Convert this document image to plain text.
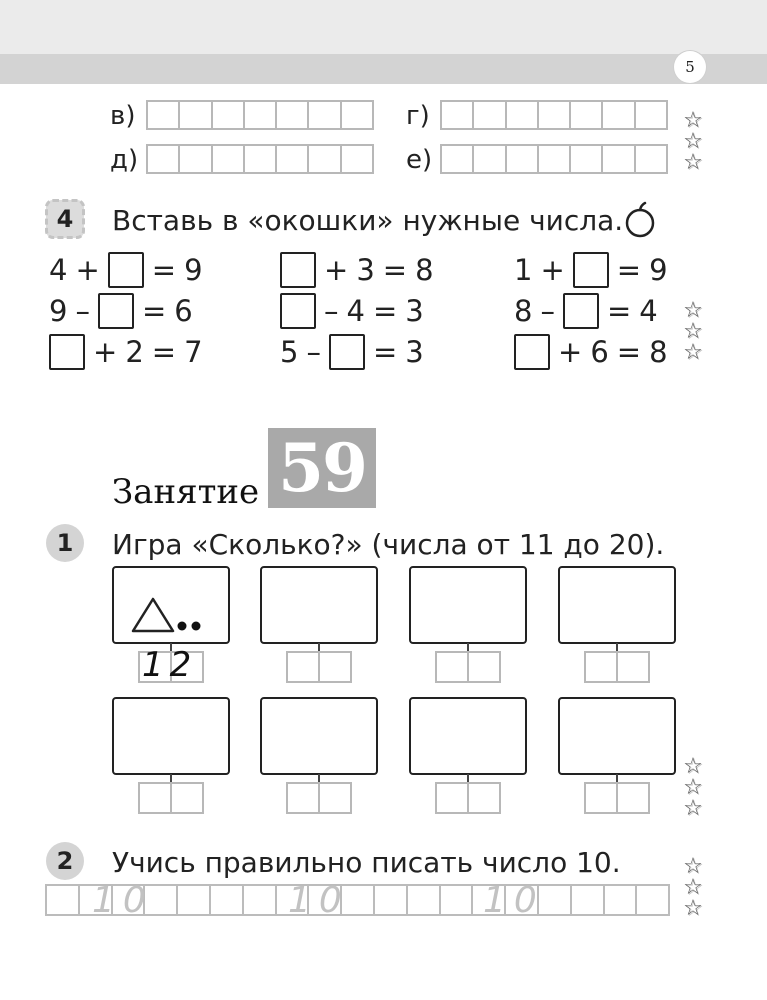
5
в)	г)
д)	е)
☆
☆
☆
4	Вставь в «окошки» нужные числа.
4 + = 9	+ 3 = 8	1 + = 9
9 – = 6	– 4 = 3	8 – = 4
+ 2 = 7	5 – = 3	+ 6 = 8
☆
☆
☆
Занятие 59
1	Игра «Сколько?» (числа от 11 до 20).
12
☆
☆
☆
2	Учись правильно писать число 10.
10	10	10
☆
☆
☆
